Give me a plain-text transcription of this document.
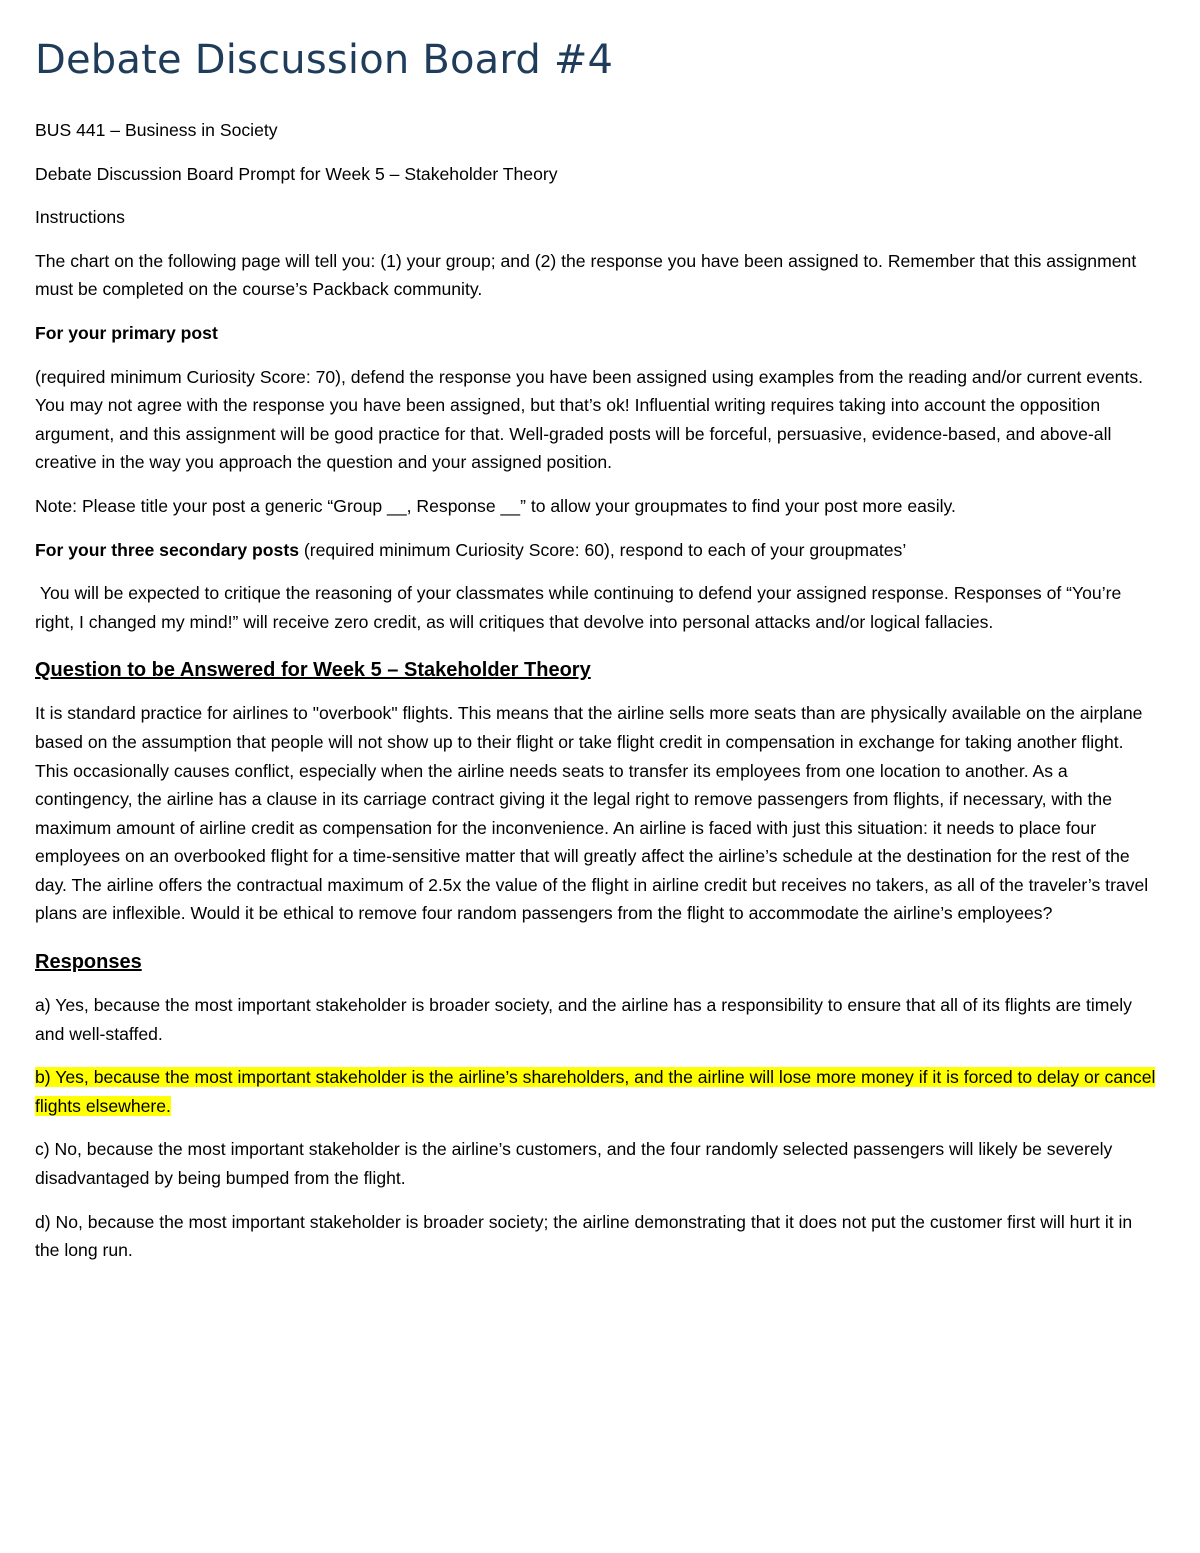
Debate Discussion Board #4

BUS 441 – Business in Society

Debate Discussion Board Prompt for Week 5 – Stakeholder Theory

Instructions

The chart on the following page will tell you: (1) your group; and (2) the response you have been assigned to. Remember that this assignment must be completed on the course’s Packback community.

For your primary post

(required minimum Curiosity Score: 70), defend the response you have been assigned using examples from the reading and/or current events. You may not agree with the response you have been assigned, but that’s ok! Influential writing requires taking into account the opposition argument, and this assignment will be good practice for that. Well-graded posts will be forceful, persuasive, evidence-based, and above-all creative in the way you approach the question and your assigned position.

Note: Please title your post a generic “Group __, Response __” to allow your groupmates to find your post more easily.

For your three secondary posts (required minimum Curiosity Score: 60), respond to each of your groupmates’

You will be expected to critique the reasoning of your classmates while continuing to defend your assigned response. Responses of “You’re right, I changed my mind!” will receive zero credit, as will critiques that devolve into personal attacks and/or logical fallacies.

Question to be Answered for Week 5 – Stakeholder Theory

It is standard practice for airlines to "overbook" flights. This means that the airline sells more seats than are physically available on the airplane based on the assumption that people will not show up to their flight or take flight credit in compensation in exchange for taking another flight. This occasionally causes conflict, especially when the airline needs seats to transfer its employees from one location to another. As a contingency, the airline has a clause in its carriage contract giving it the legal right to remove passengers from flights, if necessary, with the maximum amount of airline credit as compensation for the inconvenience. An airline is faced with just this situation: it needs to place four employees on an overbooked flight for a time-sensitive matter that will greatly affect the airline’s schedule at the destination for the rest of the day. The airline offers the contractual maximum of 2.5x the value of the flight in airline credit but receives no takers, as all of the traveler’s travel plans are inflexible. Would it be ethical to remove four random passengers from the flight to accommodate the airline’s employees?

Responses

a) Yes, because the most important stakeholder is broader society, and the airline has a responsibility to ensure that all of its flights are timely and well-staffed.

b) Yes, because the most important stakeholder is the airline’s shareholders, and the airline will lose more money if it is forced to delay or cancel flights elsewhere.

c) No, because the most important stakeholder is the airline’s customers, and the four randomly selected passengers will likely be severely disadvantaged by being bumped from the flight.

d) No, because the most important stakeholder is broader society; the airline demonstrating that it does not put the customer first will hurt it in the long run.
